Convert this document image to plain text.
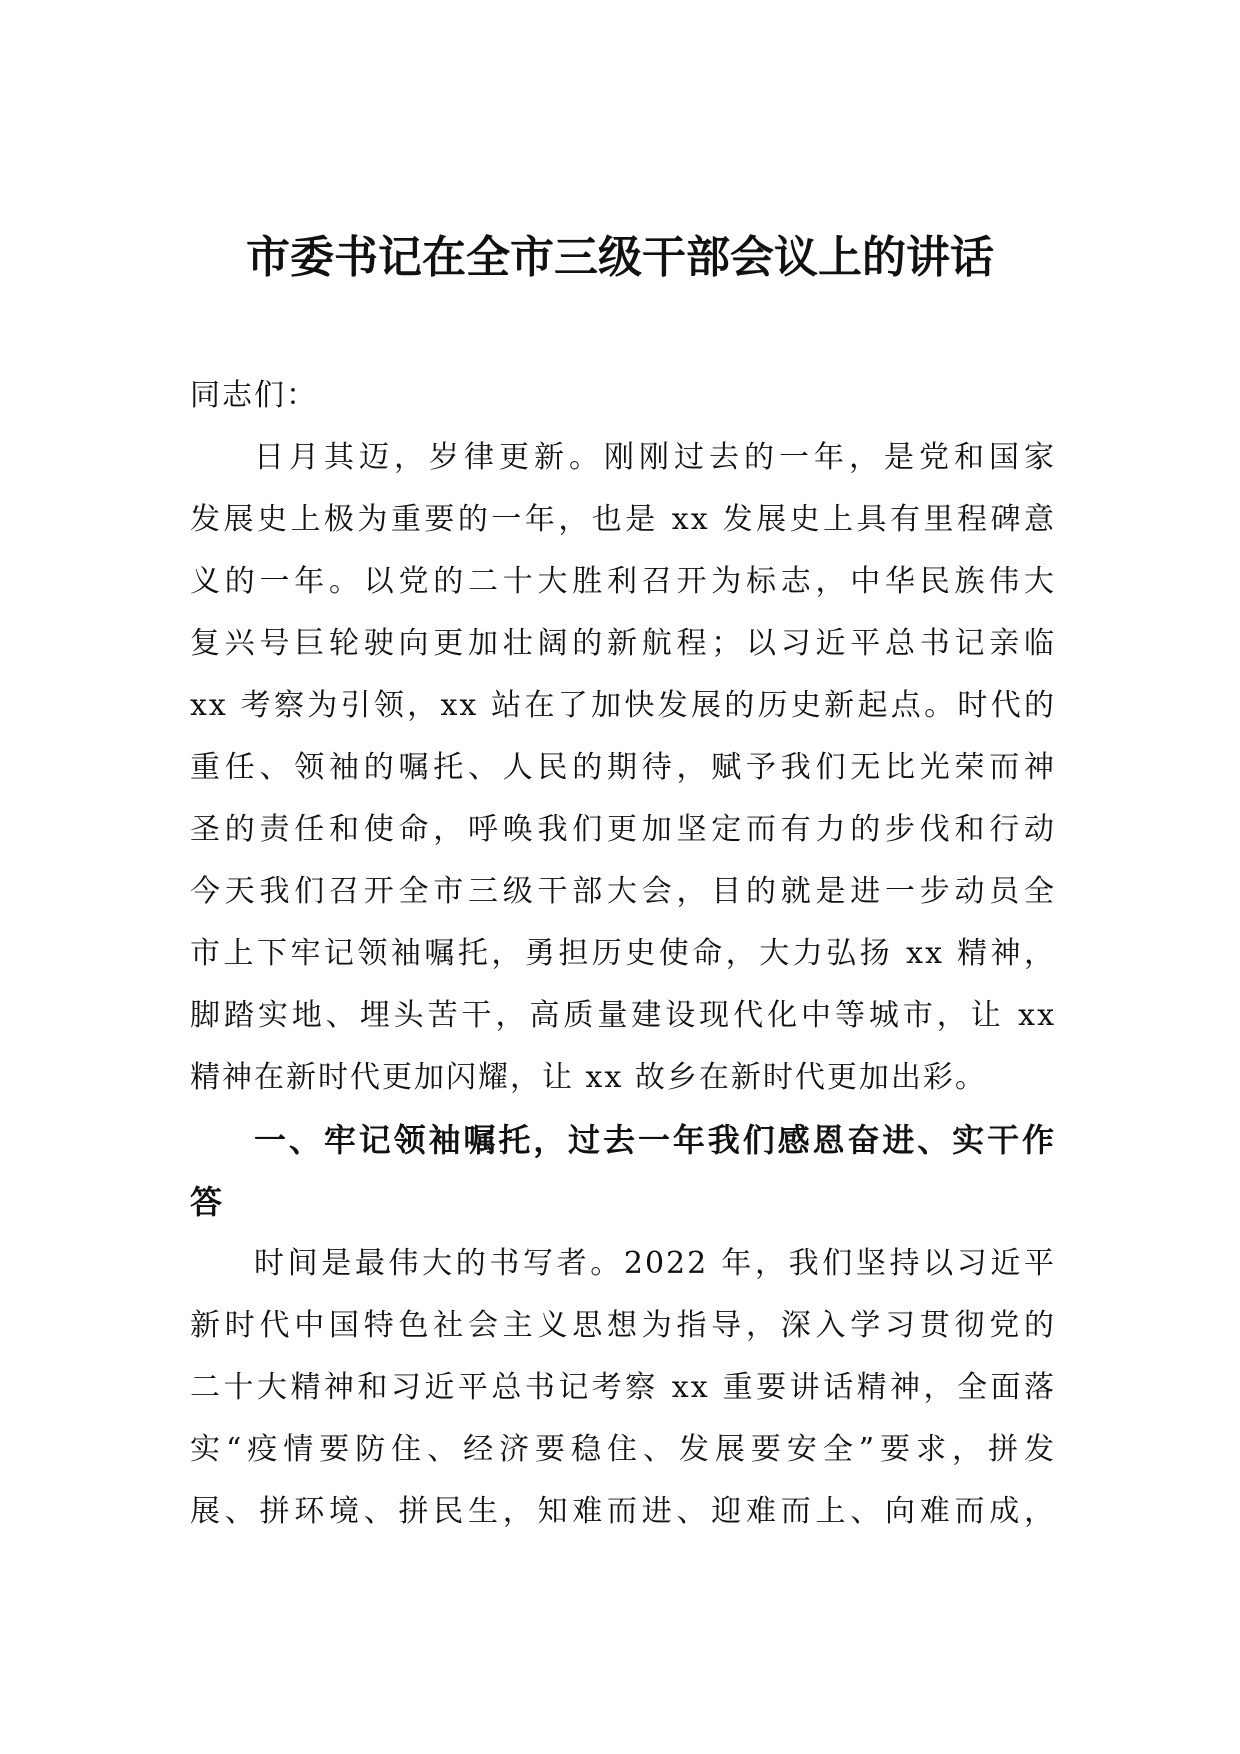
市委书记在全市三级干部会议上的讲话
同志们：
日月其迈，岁律更新。刚刚过去的一年，是党和国家
发展史上极为重要的一年，也是 xx 发展史上具有里程碑意
义的一年。以党的二十大胜利召开为标志，中华民族伟大
复兴号巨轮驶向更加壮阔的新航程；以习近平总书记亲临
xx 考察为引领，xx 站在了加快发展的历史新起点。时代的
重任、领袖的嘱托、人民的期待，赋予我们无比光荣而神
圣的责任和使命，呼唤我们更加坚定而有力的步伐和行动
今天我们召开全市三级干部大会，目的就是进一步动员全
市上下牢记领袖嘱托，勇担历史使命，大力弘扬 xx 精神，
脚踏实地、埋头苦干，高质量建设现代化中等城市，让 xx
精神在新时代更加闪耀，让 xx 故乡在新时代更加出彩。
一、牢记领袖嘱托，过去一年我们感恩奋进、实干作
答
时间是最伟大的书写者。2022 年，我们坚持以习近平
新时代中国特色社会主义思想为指导，深入学习贯彻党的
二十大精神和习近平总书记考察 xx 重要讲话精神，全面落
实“疫情要防住、经济要稳住、发展要安全”要求，拼发
展、拼环境、拼民生，知难而进、迎难而上、向难而成，
